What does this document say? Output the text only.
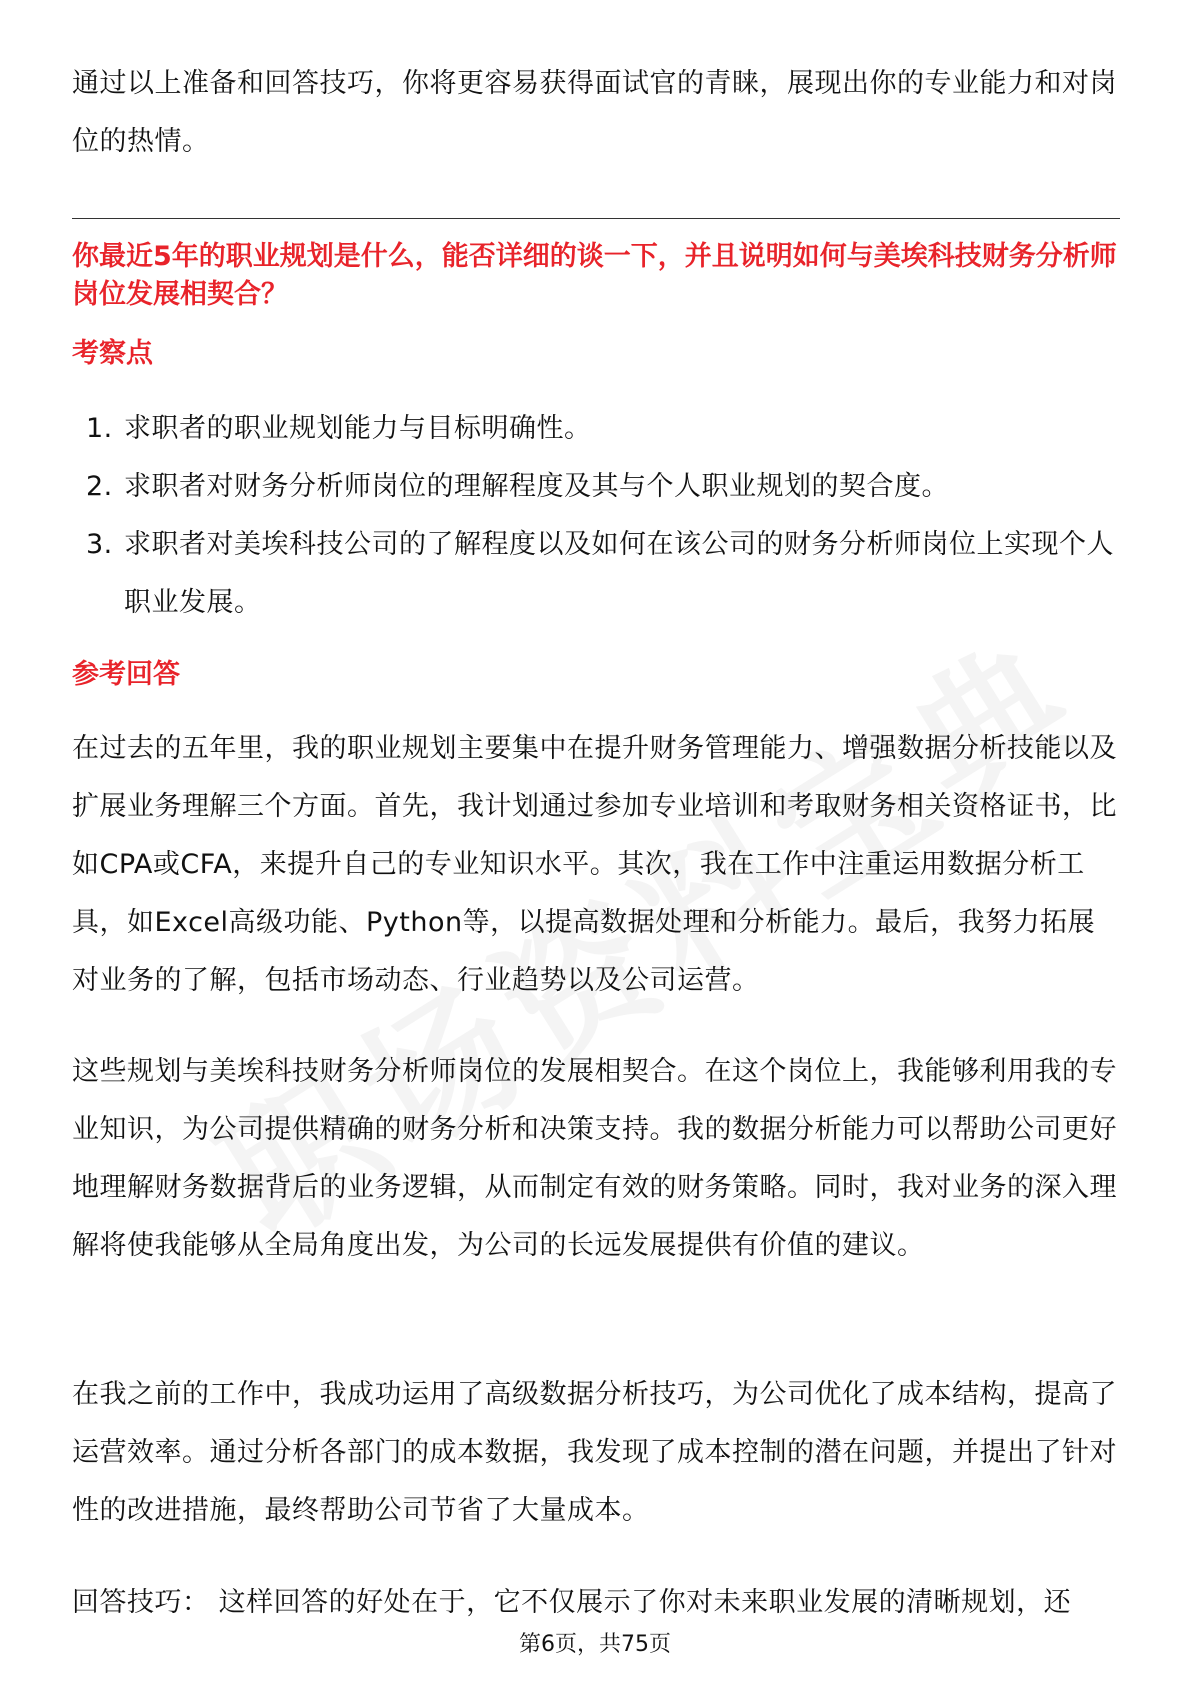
通过以上准备和回答技巧，你将更容易获得面试官的青睐，展现出你的专业能力和对岗位的热情。

你最近5年的职业规划是什么，能否详细的谈一下，并且说明如何与美埃科技财务分析师岗位发展相契合？
考察点
1. 求职者的职业规划能力与目标明确性。
2. 求职者对财务分析师岗位的理解程度及其与个人职业规划的契合度。
3. 求职者对美埃科技公司的了解程度以及如何在该公司的财务分析师岗位上实现个人职业发展。
参考回答

在过去的五年里，我的职业规划主要集中在提升财务管理能力、增强数据分析技能以及扩展业务理解三个方面。首先，我计划通过参加专业培训和考取财务相关资格证书，比如CPA或CFA，来提升自己的专业知识水平。其次，我在工作中注重运用数据分析工具，如Excel高级功能、Python等，以提高数据处理和分析能力。最后，我努力拓展对业务的了解，包括市场动态、行业趋势以及公司运营。

这些规划与美埃科技财务分析师岗位的发展相契合。在这个岗位上，我能够利用我的专业知识，为公司提供精确的财务分析和决策支持。我的数据分析能力可以帮助公司更好地理解财务数据背后的业务逻辑，从而制定有效的财务策略。同时，我对业务的深入理解将使我能够从全局角度出发，为公司的长远发展提供有价值的建议。

在我之前的工作中，我成功运用了高级数据分析技巧，为公司优化了成本结构，提高了运营效率。通过分析各部门的成本数据，我发现了成本控制的潜在问题，并提出了针对性的改进措施，最终帮助公司节省了大量成本。

回答技巧： 这样回答的好处在于，它不仅展示了你对未来职业发展的清晰规划，还

第6页，共75页
